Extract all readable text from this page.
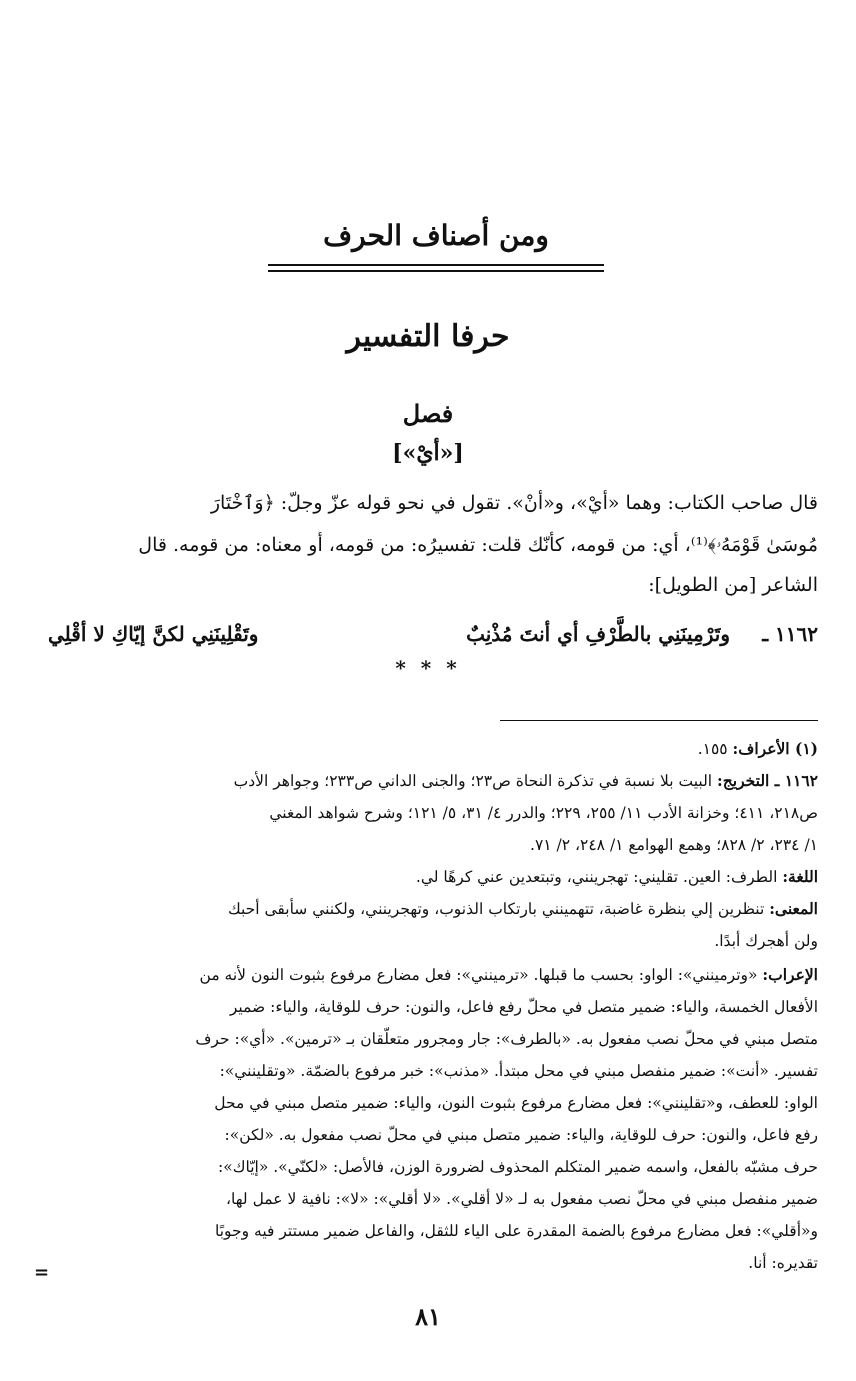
ومن أصناف الحرف
حرفا التفسير
فصل
[«أيْ»]
قال صاحب الكتاب: وهما «أيْ»، و«أنْ». تقول في نحو قوله عزّ وجلّ: ﴿وَٱخْتَارَ
مُوسَىٰ قَوْمَهُۥ﴾⁽¹⁾، أي: من قومه، كأنّك قلت: تفسيرُه: من قومه، أو معناه: من قومه. قال
الشاعر [من الطويل]:
١١٦٢ ـ
وتَرْمِينَنِي بالطَّرْفِ أي أنتَ مُذْنِبٌ
وتَقْلِينَنِي لكنَّ إيّاكِ لا أقْلِي
* * *
(١) الأعراف: ١٥٥.
١١٦٢ ـ التخريج: البيت بلا نسبة في تذكرة النحاة ص٢٣؛ والجنى الداني ص٢٣٣؛ وجواهر الأدب
ص٢١٨، ٤١١؛ وخزانة الأدب ١١/ ٢٥٥، ٢٢٩؛ والدرر ٤/ ٣١، ٥/ ١٢١؛ وشرح شواهد المغني
١/ ٢٣٤، ٢/ ٨٢٨؛ وهمع الهوامع ١/ ٢٤٨، ٢/ ٧١.
اللغة: الطرف: العين. تقليني: تهجرينني، وتبتعدين عني كرهًا لي.
المعنى: تنظرين إلي بنظرة غاضبة، تتهمينني بارتكاب الذنوب، وتهجرينني، ولكنني سأبقى أحبك
ولن أهجرك أبدًا.
الإعراب: «وترمينني»: الواو: بحسب ما قبلها. «ترمينني»: فعل مضارع مرفوع بثبوت النون لأنه من
الأفعال الخمسة، والياء: ضمير متصل في محلّ رفع فاعل، والنون: حرف للوقاية، والياء: ضمير
متصل مبني في محلّ نصب مفعول به. «بالطرف»: جار ومجرور متعلّقان بـ «ترمين». «أي»: حرف
تفسير. «أنت»: ضمير منفصل مبني في محل مبتدأ. «مذنب»: خبر مرفوع بالضمّة. «وتقلينني»:
الواو: للعطف، و«تقلينني»: فعل مضارع مرفوع بثبوت النون، والياء: ضمير متصل مبني في محل
رفع فاعل، والنون: حرف للوقاية، والياء: ضمير متصل مبني في محلّ نصب مفعول به. «لكن»:
حرف مشبّه بالفعل، واسمه ضمير المتكلم المحذوف لضرورة الوزن، فالأصل: «لكنّي». «إيّاك»:
ضمير منفصل مبني في محلّ نصب مفعول به لـ «لا أقلي». «لا أقلي»: «لا»: نافية لا عمل لها،
و«أقلي»: فعل مضارع مرفوع بالضمة المقدرة على الياء للثقل، والفاعل ضمير مستتر فيه وجوبًا
تقديره: أنا.
=
٨١
